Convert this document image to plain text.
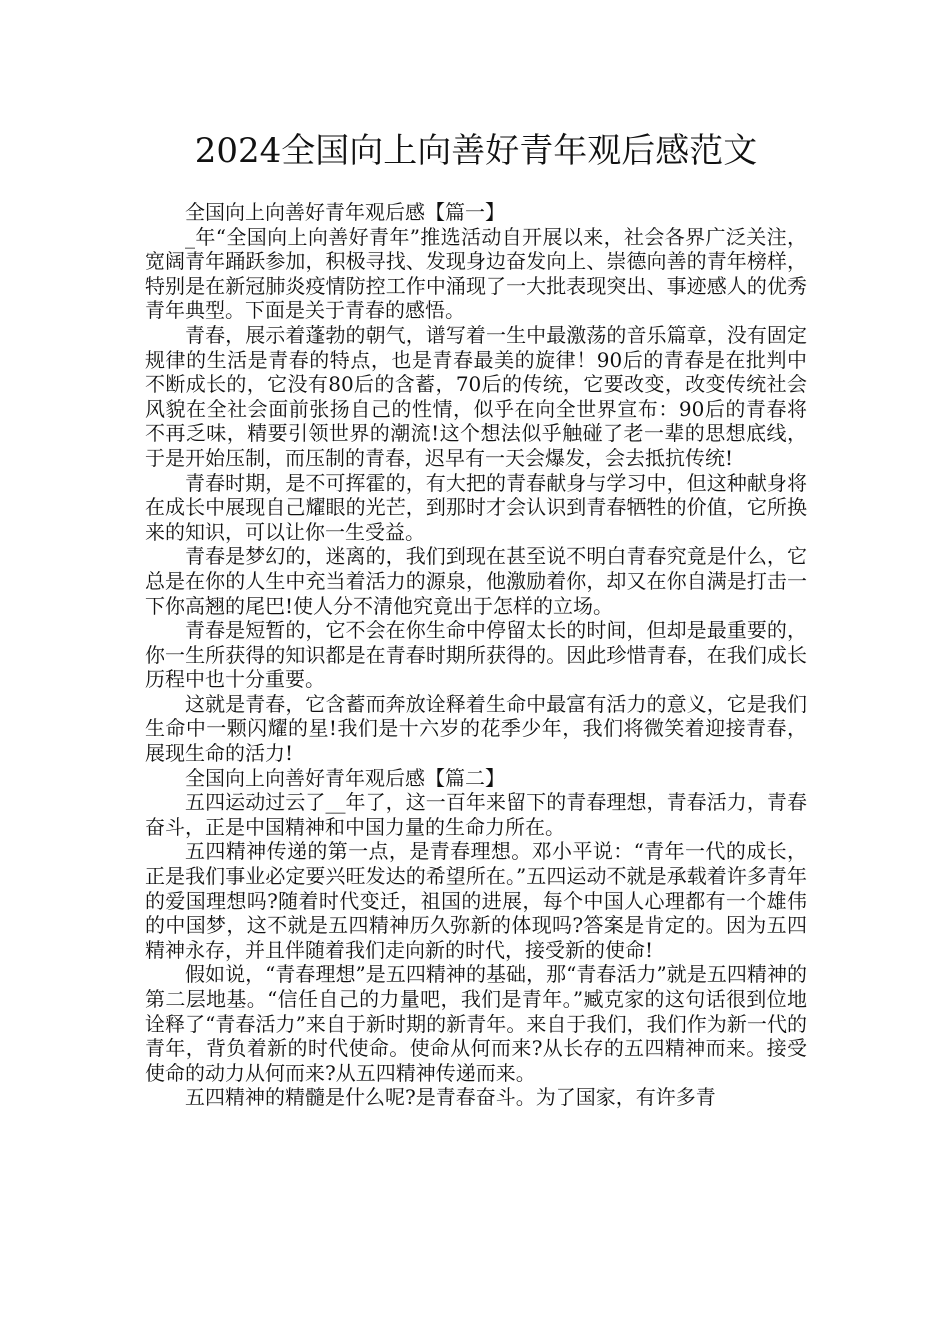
2024全国向上向善好青年观后感范文

全国向上向善好青年观后感【篇一】

_年“全国向上向善好青年”推选活动自开展以来，社会各界广泛关注，宽阔青年踊跃参加，积极寻找、发现身边奋发向上、崇德向善的青年榜样，特别是在新冠肺炎疫情防控工作中涌现了一大批表现突出、事迹感人的优秀青年典型。下面是关于青春的感悟。

青春，展示着蓬勃的朝气，谱写着一生中最激荡的音乐篇章，没有固定规律的生活是青春的特点，也是青春最美的旋律！90后的青春是在批判中不断成长的，它没有80后的含蓄，70后的传统，它要改变，改变传统社会风貌在全社会面前张扬自己的性情，似乎在向全世界宣布：90后的青春将不再乏味，精要引领世界的潮流!这个想法似乎触碰了老一辈的思想底线，于是开始压制，而压制的青春，迟早有一天会爆发，会去抵抗传统!

青春时期，是不可挥霍的，有大把的青春献身与学习中，但这种献身将在成长中展现自己耀眼的光芒，到那时才会认识到青春牺牲的价值，它所换来的知识，可以让你一生受益。

青春是梦幻的，迷离的，我们到现在甚至说不明白青春究竟是什么，它总是在你的人生中充当着活力的源泉，他激励着你，却又在你自满是打击一下你高翘的尾巴!使人分不清他究竟出于怎样的立场。

青春是短暂的，它不会在你生命中停留太长的时间，但却是最重要的，你一生所获得的知识都是在青春时期所获得的。因此珍惜青春，在我们成长历程中也十分重要。

这就是青春，它含蓄而奔放诠释着生命中最富有活力的意义，它是我们生命中一颗闪耀的星!我们是十六岁的花季少年，我们将微笑着迎接青春，展现生命的活力!

全国向上向善好青年观后感【篇二】

五四运动过云了__年了，这一百年来留下的青春理想，青春活力，青春奋斗，正是中国精神和中国力量的生命力所在。

五四精神传递的第一点，是青春理想。邓小平说：“青年一代的成长，正是我们事业必定要兴旺发达的希望所在。”五四运动不就是承载着许多青年的爱国理想吗?随着时代变迁，祖国的进展，每个中国人心理都有一个雄伟的中国梦，这不就是五四精神历久弥新的体现吗?答案是肯定的。因为五四精神永存，并且伴随着我们走向新的时代，接受新的使命!

假如说，“青春理想”是五四精神的基础，那“青春活力”就是五四精神的第二层地基。“信任自己的力量吧，我们是青年。”臧克家的这句话很到位地诠释了“青春活力”来自于新时期的新青年。来自于我们，我们作为新一代的青年，背负着新的时代使命。使命从何而来?从长存的五四精神而来。接受使命的动力从何而来?从五四精神传递而来。

五四精神的精髓是什么呢?是青春奋斗。为了国家，有许多青
